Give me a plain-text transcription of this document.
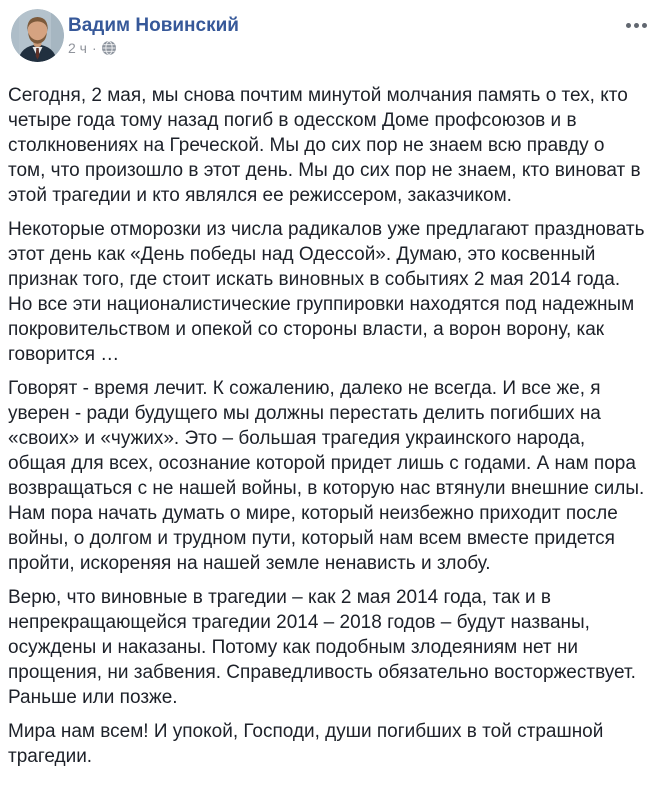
Вадим Новинский
2 ч ·

Сегодня, 2 мая, мы снова почтим минутой молчания память о тех, кто четыре года тому назад погиб в одесском Доме профсоюзов и в столкновениях на Греческой. Мы до сих пор не знаем всю правду о том, что произошло в этот день. Мы до сих пор не знаем, кто виноват в этой трагедии и кто являлся ее режиссером, заказчиком.

Некоторые отморозки из числа радикалов уже предлагают праздновать этот день как «День победы над Одессой». Думаю, это косвенный признак того, где стоит искать виновных в событиях 2 мая 2014 года. Но все эти националистические группировки находятся под надежным покровительством и опекой со стороны власти, а ворон ворону, как говорится …

Говорят - время лечит. К сожалению, далеко не всегда. И все же, я уверен - ради будущего мы должны перестать делить погибших на «своих» и «чужих». Это – большая трагедия украинского народа, общая для всех, осознание которой придет лишь с годами. А нам пора возвращаться с не нашей войны, в которую нас втянули внешние силы. Нам пора начать думать о мире, который неизбежно приходит после войны, о долгом и трудном пути, который нам всем вместе придется пройти, искореняя на нашей земле ненависть и злобу.

Верю, что виновные в трагедии – как 2 мая 2014 года, так и в непрекращающейся трагедии 2014 – 2018 годов – будут названы, осуждены и наказаны. Потому как подобным злодеяниям нет ни прощения, ни забвения. Справедливость обязательно восторжествует. Раньше или позже.

Мира нам всем! И упокой, Господи, души погибших в той страшной трагедии.
